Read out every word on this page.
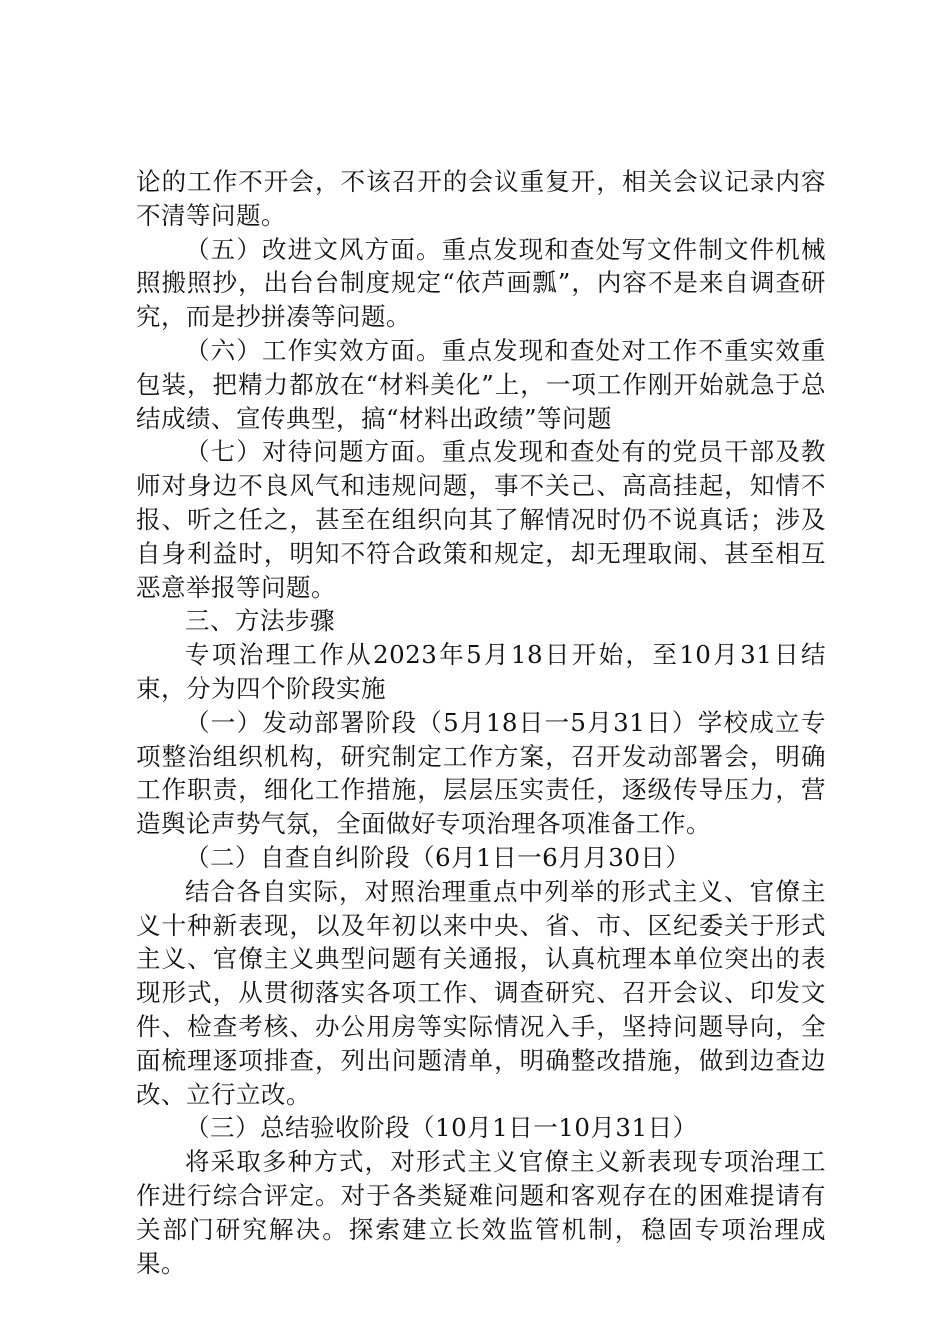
论的工作不开会，不该召开的会议重复开，相关会议记录内容不清等问题。

（五）改进文风方面。重点发现和查处写文件制文件机械照搬照抄，出台台制度规定“依芦画瓢”，内容不是来自调查研究，而是抄拼凑等问题。

（六）工作实效方面。重点发现和查处对工作不重实效重包装，把精力都放在“材料美化”上，一项工作刚开始就急于总结成绩、宣传典型，搞“材料出政绩”等问题

（七）对待问题方面。重点发现和查处有的党员干部及教师对身边不良风气和违规问题，事不关己、高高挂起，知情不报、听之任之，甚至在组织向其了解情况时仍不说真话；涉及自身利益时，明知不符合政策和规定，却无理取闹、甚至相互恶意举报等问题。

三、方法步骤

专项治理工作从2023年5月18日开始，至10月31日结束，分为四个阶段实施

（一）发动部署阶段（5月18日一5月31日）学校成立专项整治组织机构，研究制定工作方案，召开发动部署会，明确工作职责，细化工作措施，层层压实责任，逐级传导压力，营造舆论声势气氛，全面做好专项治理各项准备工作。

（二）自查自纠阶段（6月1日一6月月30日）

结合各自实际，对照治理重点中列举的形式主义、官僚主义十种新表现，以及年初以来中央、省、市、区纪委关于形式主义、官僚主义典型问题有关通报，认真杭理本单位突出的表现形式，从贯彻落实各项工作、调查研究、召开会议、印发文件、检查考核、办公用房等实际情况入手，坚持问题导向，全面梳理逐项排查，列出问题清单，明确整改措施，做到边查边改、立行立改。

（三）总结验收阶段（10月1日一10月31日）

将采取多种方式，对形式主义官僚主义新表现专项治理工作进行综合评定。对于各类疑难问题和客观存在的困难提请有关部门研究解决。探索建立长效监管机制，稳固专项治理成果。
